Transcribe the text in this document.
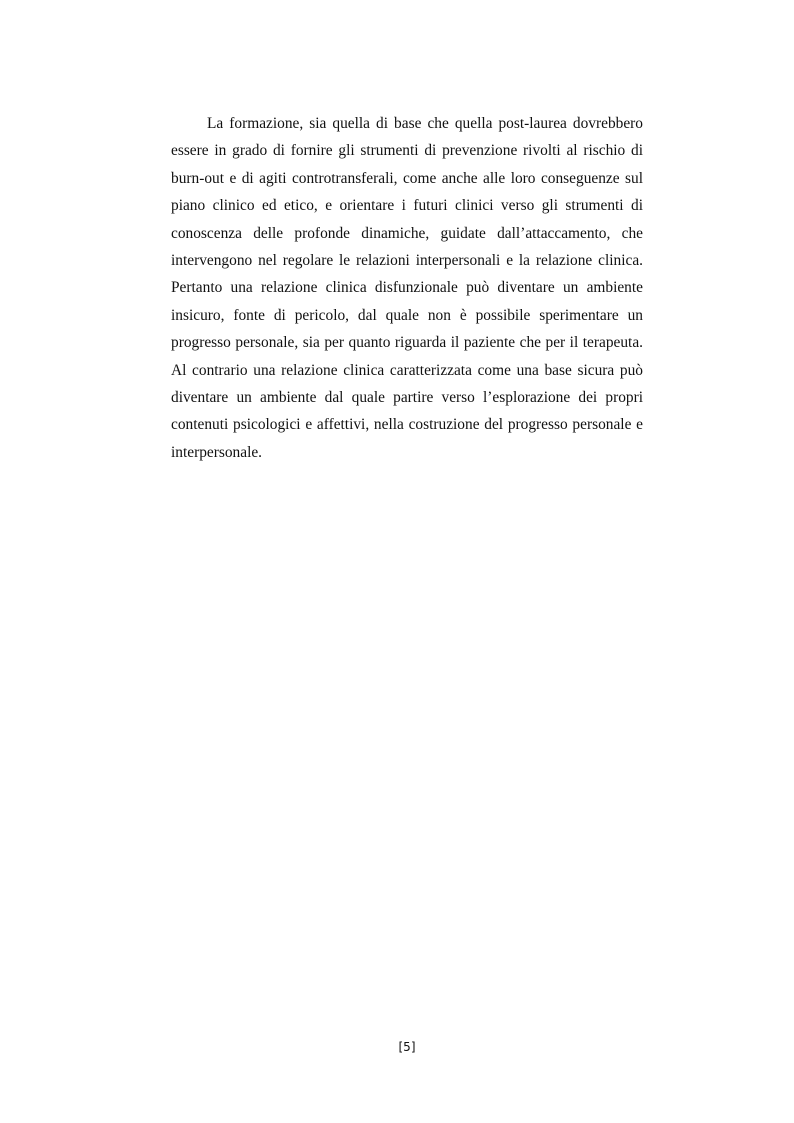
La formazione, sia quella di base che quella post-laurea dovrebbero essere in grado di fornire gli strumenti di prevenzione rivolti al rischio di burn-out e di agiti controtransferali, come anche alle loro conseguenze sul piano clinico ed etico, e orientare i futuri clinici verso gli strumenti di conoscenza delle profonde dinamiche, guidate dall’attaccamento, che intervengono nel regolare le relazioni interpersonali e la relazione clinica. Pertanto una relazione clinica disfunzionale può diventare un ambiente insicuro, fonte di pericolo, dal quale non è possibile sperimentare un progresso personale, sia per quanto riguarda il paziente che per il terapeuta. Al contrario una relazione clinica caratterizzata come una base sicura può diventare un ambiente dal quale partire verso l’esplorazione dei propri contenuti psicologici e affettivi, nella costruzione del progresso personale e interpersonale.

[5]
